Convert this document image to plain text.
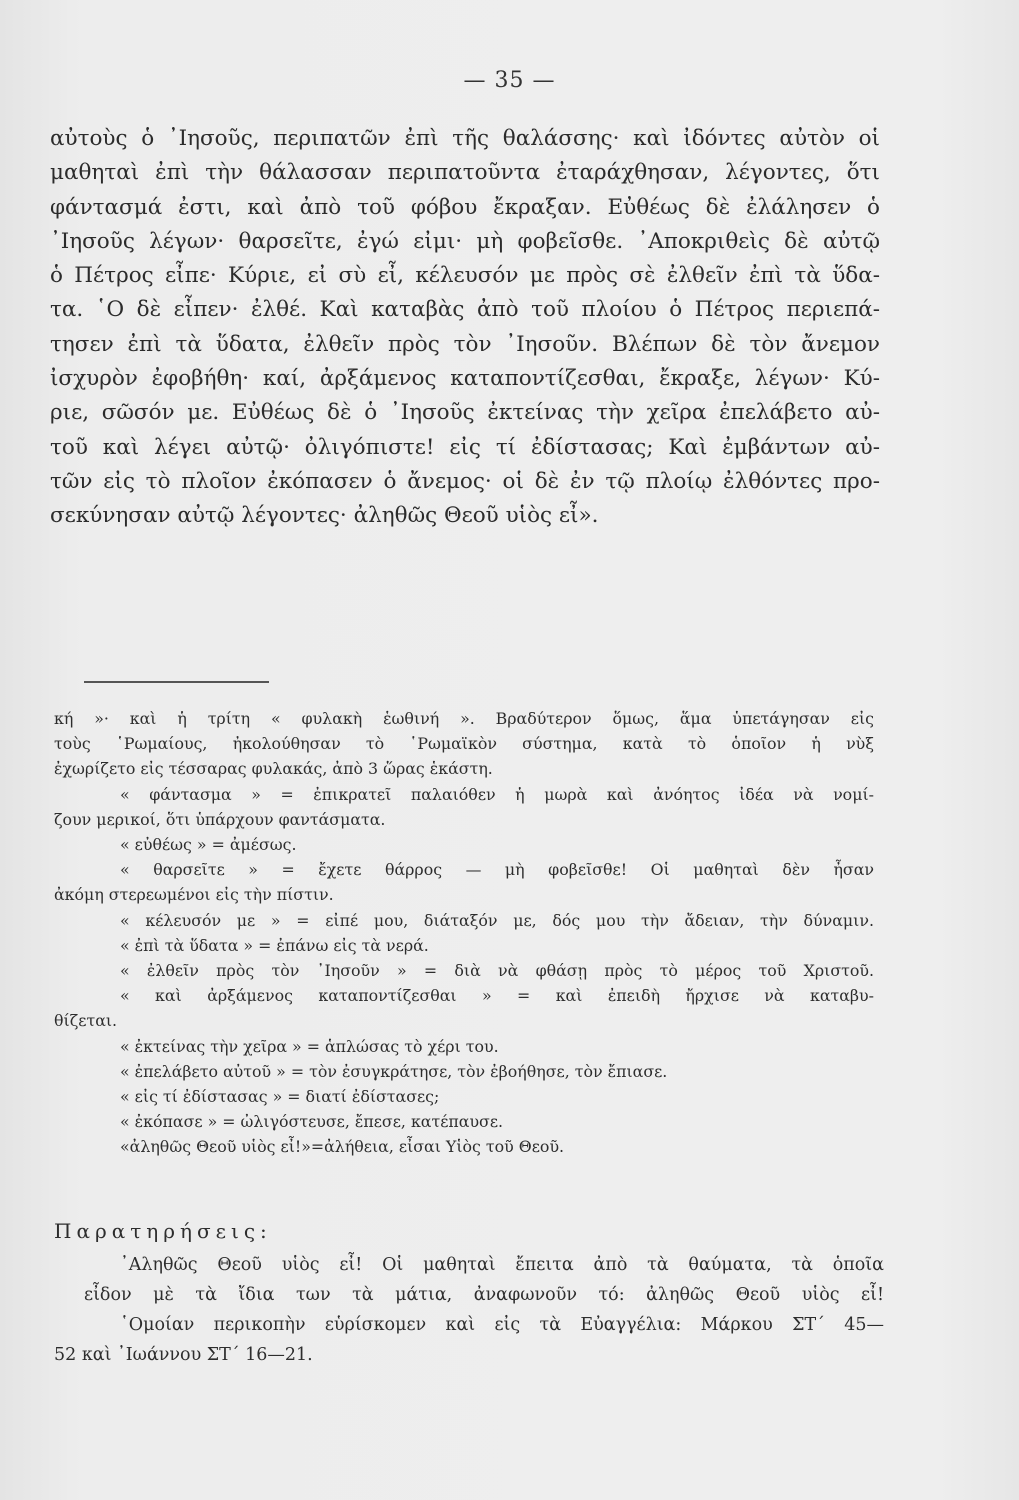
— 35 —
αὐτοὺς ὁ ᾿Ιησοῦς, περιπατῶν ἐπὶ τῆς θαλάσσης· καὶ ἰδόντες αὐτὸν οἱ
μαθηταὶ ἐπὶ τὴν θάλασσαν περιπατοῦντα ἐταράχθησαν, λέγοντες, ὅτι
φάντασμά ἐστι, καὶ ἀπὸ τοῦ φόβου ἔκραξαν. Εὐθέως δὲ ἐλάλησεν ὁ
᾿Ιησοῦς λέγων· θαρσεῖτε, ἐγώ εἰμι· μὴ φοβεῖσθε. ᾿Αποκριθεὶς δὲ αὐτῷ
ὁ Πέτρος εἶπε· Κύριε, εἰ σὺ εἶ, κέλευσόν με πρὸς σὲ ἐλθεῖν ἐπὶ τὰ ὕδα-
τα. ῾Ο δὲ εἶπεν· ἐλθέ. Καὶ καταβὰς ἀπὸ τοῦ πλοίου ὁ Πέτρος περιεπά-
τησεν ἐπὶ τὰ ὕδατα, ἐλθεῖν πρὸς τὸν ᾿Ιησοῦν. Βλέπων δὲ τὸν ἄνεμον
ἰσχυρὸν ἐφοβήθη· καί, ἀρξάμενος καταποντίζεσθαι, ἔκραξε, λέγων· Κύ-
ριε, σῶσόν με. Εὐθέως δὲ ὁ ᾿Ιησοῦς ἐκτείνας τὴν χεῖρα ἐπελάβετο αὐ-
τοῦ καὶ λέγει αὐτῷ· ὀλιγόπιστε! εἰς τί ἐδίστασας; Καὶ ἐμβάντων αὐ-
τῶν εἰς τὸ πλοῖον ἐκόπασεν ὁ ἄνεμος· οἱ δὲ ἐν τῷ πλοίῳ ἐλθόντες προ-
σεκύνησαν αὐτῷ λέγοντες· ἀληθῶς Θεοῦ υἱὸς εἶ».
κή »· καὶ ἡ τρίτη « φυλακὴ ἑωθινή ». Βραδύτερον ὅμως, ἅμα ὑπετάγησαν εἰς
τοὺς ῾Ρωμαίους, ἠκολούθησαν τὸ ῾Ρωμαϊκὸν σύστημα, κατὰ τὸ ὁποῖον ἡ νὺξ
ἐχωρίζετο εἰς τέσσαρας φυλακάς, ἀπὸ 3 ὥρας ἑκάστη.
« φάντασμα » = ἐπικρατεῖ παλαιόθεν ἡ μωρὰ καὶ ἀνόητος ἰδέα νὰ νομί-
ζουν μερικοί, ὅτι ὑπάρχουν φαντάσματα.
« εὐθέως » = ἀμέσως.
« θαρσεῖτε » = ἔχετε θάρρος — μὴ φοβεῖσθε! Οἱ μαθηταὶ δὲν ἦσαν
ἀκόμη στερεωμένοι εἰς τὴν πίστιν.
« κέλευσόν με » = εἰπέ μου, διάταξόν με, δός μου τὴν ἄδειαν, τὴν δύναμιν.
« ἐπὶ τὰ ὕδατα » = ἐπάνω εἰς τὰ νερά.
« ἐλθεῖν πρὸς τὸν ᾿Ιησοῦν » = διὰ νὰ φθάσῃ πρὸς τὸ μέρος τοῦ Χριστοῦ.
« καὶ ἀρξάμενος καταποντίζεσθαι » = καὶ ἐπειδὴ ἤρχισε νὰ καταβυ-
θίζεται.
« ἐκτείνας τὴν χεῖρα » = ἁπλώσας τὸ χέρι του.
« ἐπελάβετο αὐτοῦ » = τὸν ἐσυγκράτησε, τὸν ἐβοήθησε, τὸν ἔπιασε.
« εἰς τί ἐδίστασας » = διατί ἐδίστασες;
« ἐκόπασε » = ὠλιγόστευσε, ἔπεσε, κατέπαυσε.
«ἀληθῶς Θεοῦ υἱὸς εἶ!»=ἀλήθεια, εἶσαι Υἱὸς τοῦ Θεοῦ.
Παρατηρήσεις:
᾿Αληθῶς Θεοῦ υἱὸς εἶ! Οἱ μαθηταὶ ἔπειτα ἀπὸ τὰ θαύματα, τὰ ὁποῖα
εἶδον μὲ τὰ ἴδια των τὰ μάτια, ἀναφωνοῦν τό: ἀληθῶς Θεοῦ υἱὸς εἶ!
῾Ομοίαν περικοπὴν εὑρίσκομεν καὶ εἰς τὰ Εὐαγγέλια: Μάρκου ΣΤ΄ 45—
52 καὶ ᾿Ιωάννου ΣΤ΄ 16—21.
